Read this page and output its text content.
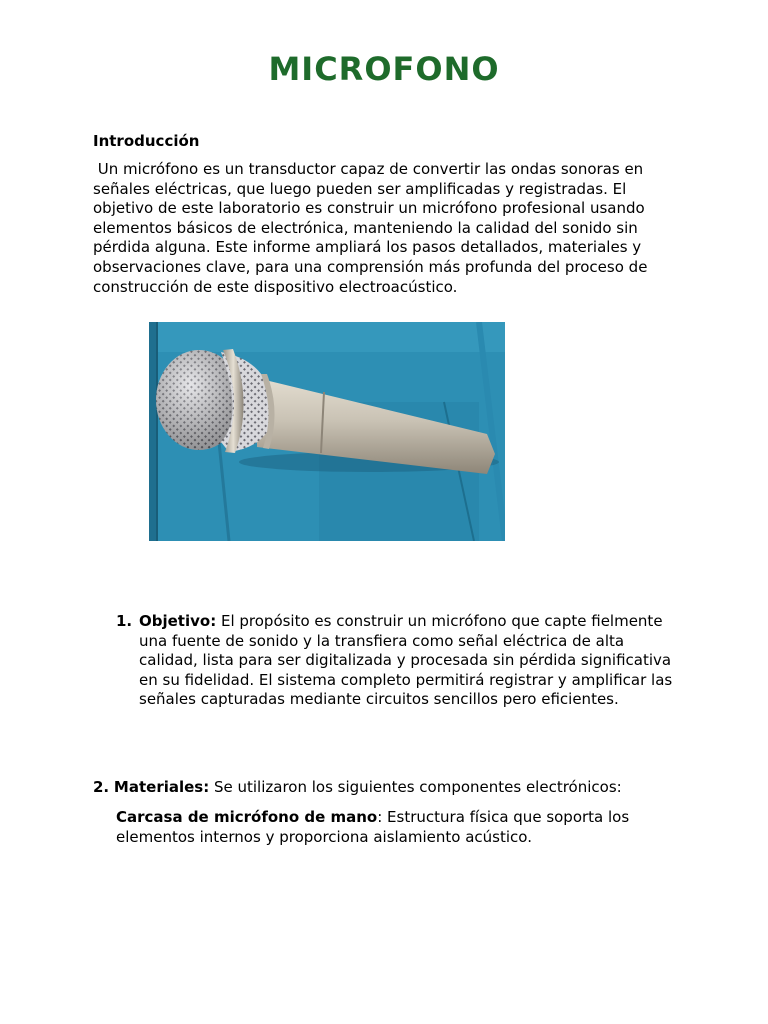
MICROFONO

Introducción

Un micrófono es un transductor capaz de convertir las ondas sonoras en señales eléctricas, que luego pueden ser amplificadas y registradas. El objetivo de este laboratorio es construir un micrófono profesional usando elementos básicos de electrónica, manteniendo la calidad del sonido sin pérdida alguna. Este informe ampliará los pasos detallados, materiales y observaciones clave, para una comprensión más profunda del proceso de construcción de este dispositivo electroacústico.

1. Objetivo: El propósito es construir un micrófono que capte fielmente una fuente de sonido y la transfiera como señal eléctrica de alta calidad, lista para ser digitalizada y procesada sin pérdida significativa en su fidelidad. El sistema completo permitirá registrar y amplificar las señales capturadas mediante circuitos sencillos pero eficientes.

2. Materiales: Se utilizaron los siguientes componentes electrónicos:

Carcasa de micrófono de mano: Estructura física que soporta los elementos internos y proporciona aislamiento acústico.
